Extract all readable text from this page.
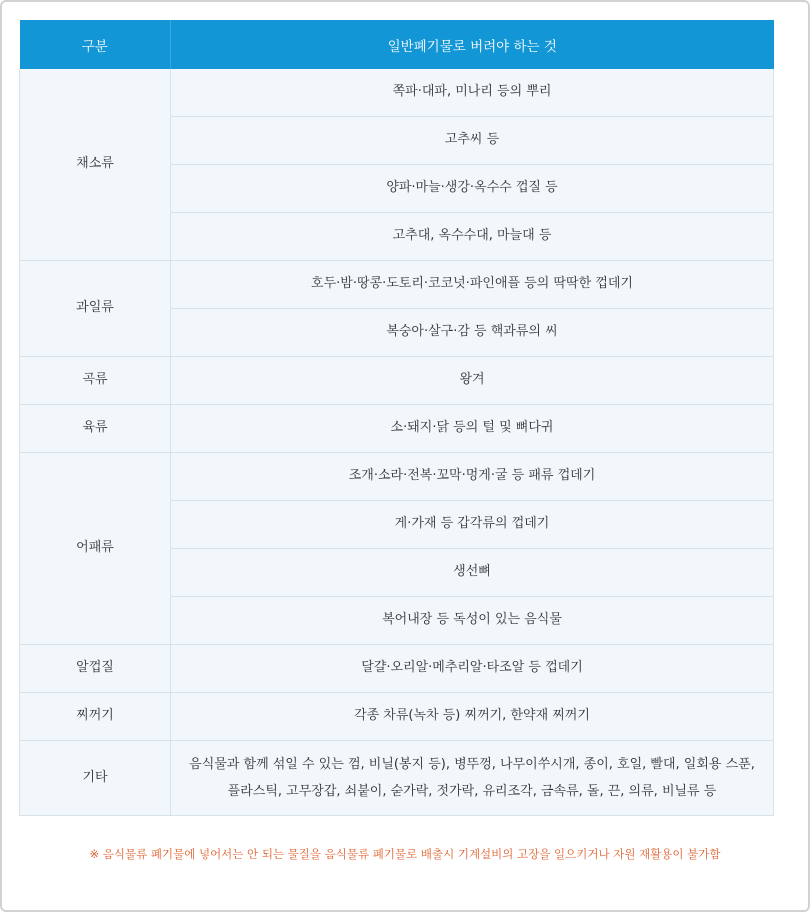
구분	일반폐기물로 버려야 하는 것
채소류	쪽파·대파, 미나리 등의 뿌리
	고추씨 등
	양파·마늘·생강·옥수수 껍질 등
	고추대, 옥수수대, 마늘대 등
과일류	호두·밤·땅콩·도토리·코코넛·파인애플 등의 딱딱한 껍데기
	복숭아·살구·감 등 핵과류의 씨
곡류	왕겨
육류	소·돼지·닭 등의 털 및 뼈다귀
어패류	조개·소라·전복·꼬막·멍게·굴 등 패류 껍데기
	게·가재 등 갑각류의 껍데기
	생선뼈
	복어내장 등 독성이 있는 음식물
알껍질	달걀·오리알·메추리알·타조알 등 껍데기
찌꺼기	각종 차류(녹차 등) 찌꺼기, 한약재 찌꺼기
기타	음식물과 함께 섞일 수 있는 껌, 비닐(봉지 등), 병뚜껑, 나무이쑤시개, 종이, 호일, 빨대, 일회용 스푼, 플라스틱, 고무장갑, 쇠붙이, 숟가락, 젓가락, 유리조각, 금속류, 돌, 끈, 의류, 비닐류 등
※ 음식물류 폐기물에 넣어서는 안 되는 물질을 음식물류 폐기물로 배출시 기계설비의 고장을 일으키거나 자원 재활용이 불가함
